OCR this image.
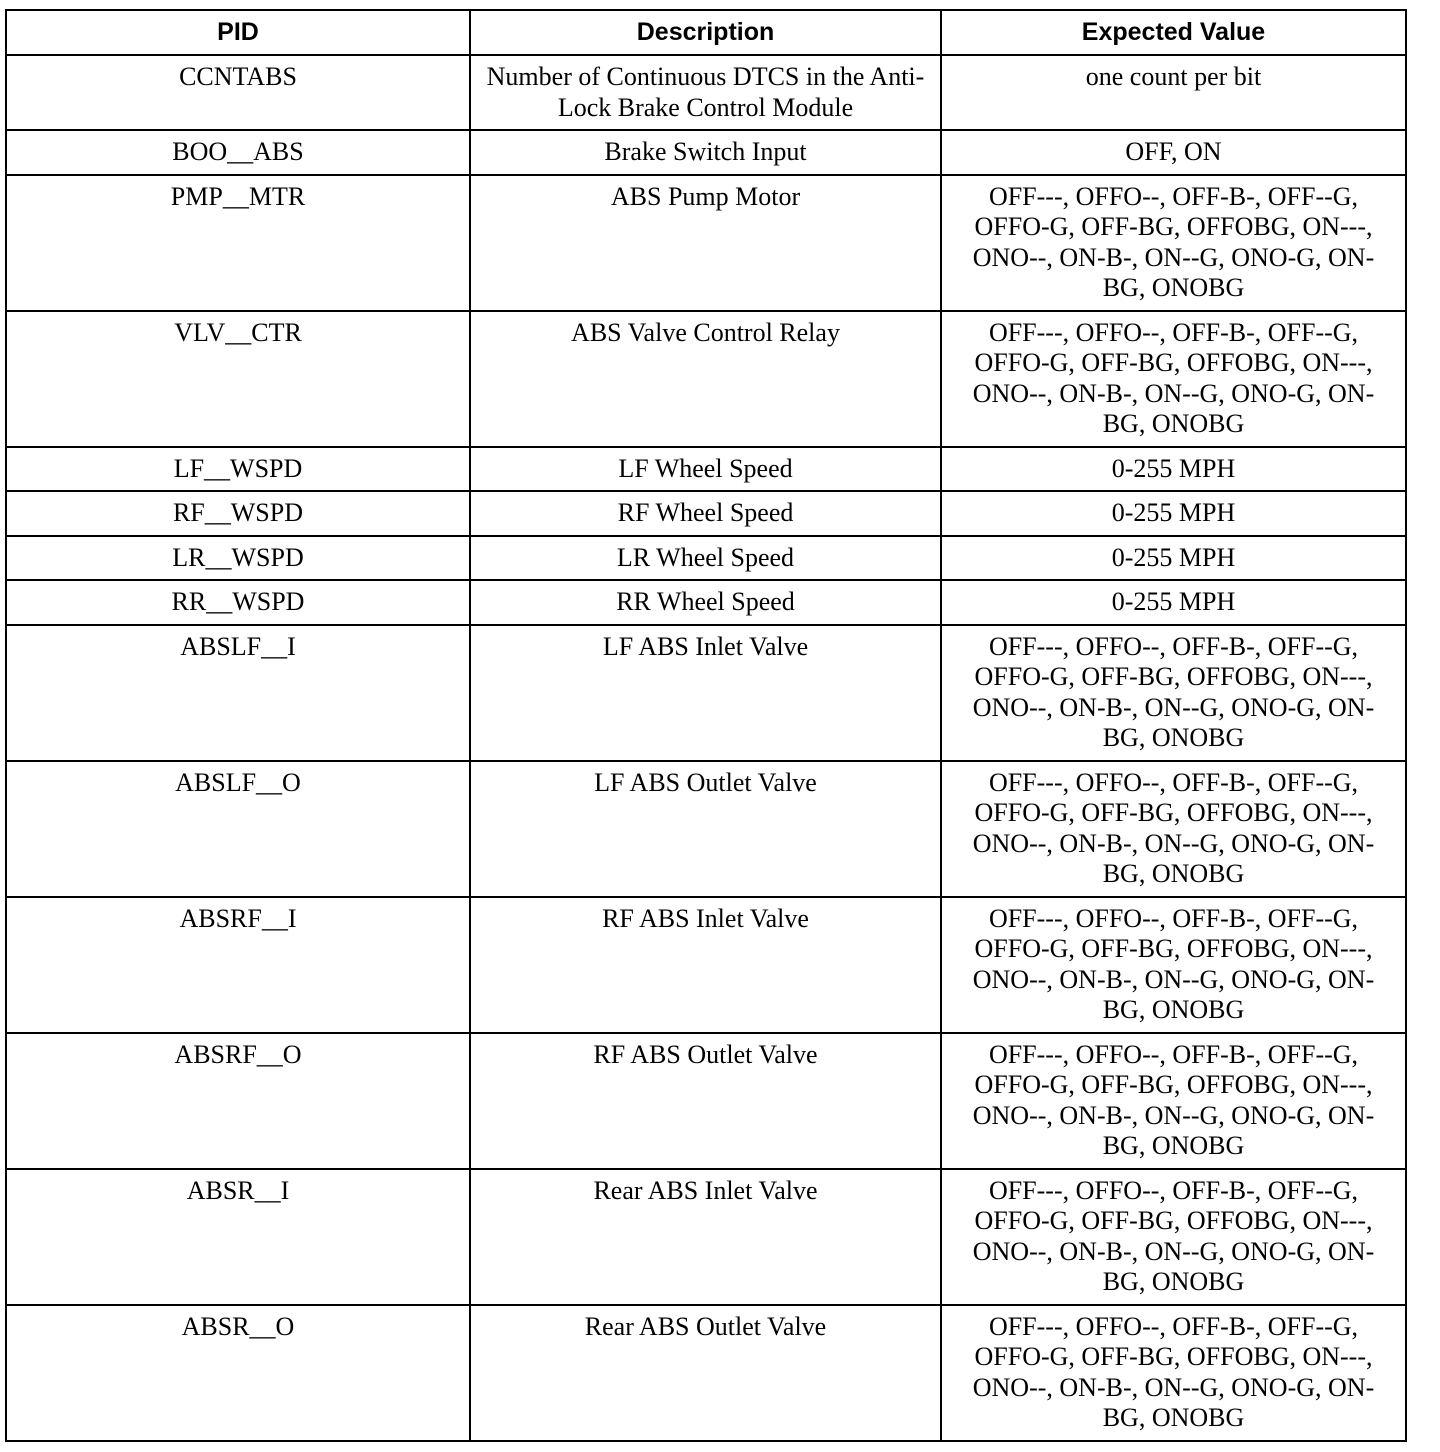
PID	Description	Expected Value
CCNTABS	Number of Continuous DTCS in the Anti-Lock Brake Control Module	one count per bit
BOO__ABS	Brake Switch Input	OFF, ON
PMP__MTR	ABS Pump Motor	OFF---, OFFO--, OFF-B-, OFF--G, OFFO-G, OFF-BG, OFFOBG, ON---, ONO--, ON-B-, ON--G, ONO-G, ON-BG, ONOBG
VLV__CTR	ABS Valve Control Relay	OFF---, OFFO--, OFF-B-, OFF--G, OFFO-G, OFF-BG, OFFOBG, ON---, ONO--, ON-B-, ON--G, ONO-G, ON-BG, ONOBG
LF__WSPD	LF Wheel Speed	0-255 MPH
RF__WSPD	RF Wheel Speed	0-255 MPH
LR__WSPD	LR Wheel Speed	0-255 MPH
RR__WSPD	RR Wheel Speed	0-255 MPH
ABSLF__I	LF ABS Inlet Valve	OFF---, OFFO--, OFF-B-, OFF--G, OFFO-G, OFF-BG, OFFOBG, ON---, ONO--, ON-B-, ON--G, ONO-G, ON-BG, ONOBG
ABSLF__O	LF ABS Outlet Valve	OFF---, OFFO--, OFF-B-, OFF--G, OFFO-G, OFF-BG, OFFOBG, ON---, ONO--, ON-B-, ON--G, ONO-G, ON-BG, ONOBG
ABSRF__I	RF ABS Inlet Valve	OFF---, OFFO--, OFF-B-, OFF--G, OFFO-G, OFF-BG, OFFOBG, ON---, ONO--, ON-B-, ON--G, ONO-G, ON-BG, ONOBG
ABSRF__O	RF ABS Outlet Valve	OFF---, OFFO--, OFF-B-, OFF--G, OFFO-G, OFF-BG, OFFOBG, ON---, ONO--, ON-B-, ON--G, ONO-G, ON-BG, ONOBG
ABSR__I	Rear ABS Inlet Valve	OFF---, OFFO--, OFF-B-, OFF--G, OFFO-G, OFF-BG, OFFOBG, ON---, ONO--, ON-B-, ON--G, ONO-G, ON-BG, ONOBG
ABSR__O	Rear ABS Outlet Valve	OFF---, OFFO--, OFF-B-, OFF--G, OFFO-G, OFF-BG, OFFOBG, ON---, ONO--, ON-B-, ON--G, ONO-G, ON-BG, ONOBG
